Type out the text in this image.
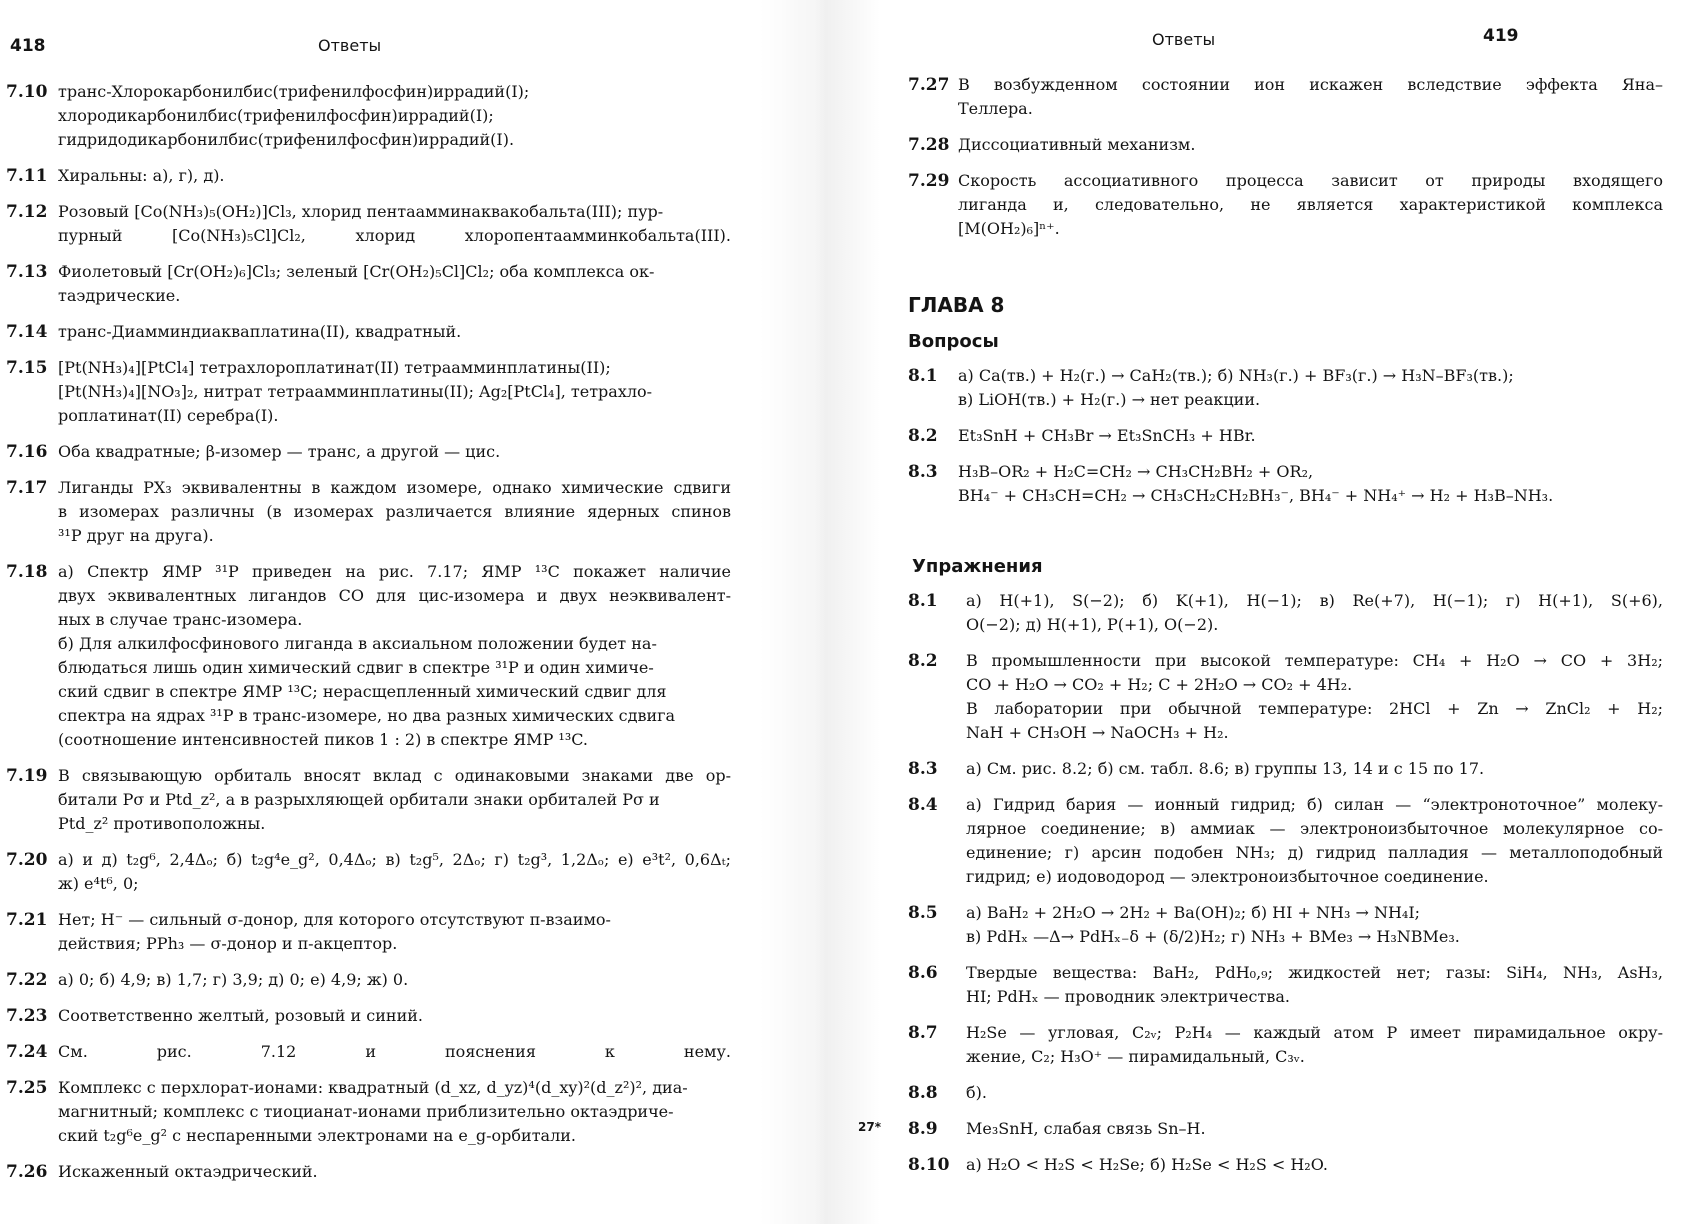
418	Ответы
7.10 транс-Хлорокарбонилбис(трифенилфосфин)иррадий(I);
хлородикарбонилбис(трифенилфосфин)иррадий(I);
гидридодикарбонилбис(трифенилфосфин)иррадий(I).
7.11 Хиральны: а), г), д).
7.12 Розовый [Co(NH₃)₅(OH₂)]Cl₃, хлорид пентаамминаквакобальта(III); пур-
пурный [Co(NH₃)₅Cl]Cl₂, хлорид хлоропентаамминкобальта(III).
7.13 Фиолетовый [Cr(OH₂)₆]Cl₃; зеленый [Cr(OH₂)₅Cl]Cl₂; оба комплекса ок-
таэдрические.
7.14 транс-Диамминдиакваплатина(II), квадратный.
7.15 [Pt(NH₃)₄][PtCl₄] тетрахлороплатинат(II) тетраамминплатины(II);
[Pt(NH₃)₄][NO₃]₂, нитрат тетраамминплатины(II); Ag₂[PtCl₄], тетрахло-
роплатинат(II) серебра(I).
7.16 Оба квадратные; β-изомер — транс, а другой — цис.
7.17 Лиганды PX₃ эквивалентны в каждом изомере, однако химические сдвиги
в изомерах различны (в изомерах различается влияние ядерных спинов
³¹P друг на друга).
7.18 а) Спектр ЯМР ³¹P приведен на рис. 7.17; ЯМР ¹³C покажет наличие
двух эквивалентных лигандов CO для цис-изомера и двух неэквивалент-
ных в случае транс-изомера.
б) Для алкилфосфинового лиганда в аксиальном положении будет на-
блюдаться лишь один химический сдвиг в спектре ³¹P и один химиче-
ский сдвиг в спектре ЯМР ¹³C; нерасщепленный химический сдвиг для
спектра на ядрах ³¹P в транс-изомере, но два разных химических сдвига
(соотношение интенсивностей пиков 1 : 2) в спектре ЯМР ¹³C.
7.19 В связывающую орбиталь вносят вклад с одинаковыми знаками две ор-
битали Pσ и Ptd_z², а в разрыхляющей орбитали знаки орбиталей Pσ и
Ptd_z² противоположны.
7.20 а) и д) t₂g⁶, 2,4Δₒ; б) t₂g⁴e_g², 0,4Δₒ; в) t₂g⁵, 2Δₒ; г) t₂g³, 1,2Δₒ; е) e³t², 0,6Δₜ;
ж) e⁴t⁶, 0;
7.21 Нет; H⁻ — сильный σ-донор, для которого отсутствуют π-взаимо-
действия; PPh₃ — σ-донор и π-акцептор.
7.22 а) 0; б) 4,9; в) 1,7; г) 3,9; д) 0; е) 4,9; ж) 0.
7.23 Соответственно желтый, розовый и синий.
7.24 См. рис. 7.12 и пояснения к нему.
7.25 Комплекс с перхлорат-ионами: квадратный (d_xz, d_yz)⁴(d_xy)²(d_z²)², диа-
магнитный; комплекс с тиоцианат-ионами приблизительно октаэдриче-
ский t₂g⁶e_g² с неспаренными электронами на e_g-орбитали.
7.26 Искаженный октаэдрический.
Ответы	419
7.27 В возбужденном состоянии ион искажен вследствие эффекта Яна–
Теллера.
7.28 Диссоциативный механизм.
7.29 Скорость ассоциативного процесса зависит от природы входящего
лиганда и, следовательно, не является характеристикой комплекса
[M(OH₂)₆]ⁿ⁺.
ГЛАВА 8
Вопросы
8.1	а) Ca(тв.) + H₂(г.) → CaH₂(тв.); б) NH₃(г.) + BF₃(г.) → H₃N–BF₃(тв.);
в) LiOH(тв.) + H₂(г.) → нет реакции.
8.2	Et₃SnH + CH₃Br → Et₃SnCH₃ + HBr.
8.3	H₃B–OR₂ + H₂C=CH₂ → CH₃CH₂BH₂ + OR₂,
BH₄⁻ + CH₃CH=CH₂ → CH₃CH₂CH₂BH₃⁻, BH₄⁻ + NH₄⁺ → H₂ + H₃B–NH₃.
Упражнения
8.1	а) H(+1), S(−2); б) K(+1), H(−1); в) Re(+7), H(−1); г) H(+1), S(+6),
O(−2); д) H(+1), P(+1), O(−2).
8.2	В промышленности при высокой температуре: CH₄ + H₂O → CO + 3H₂;
CO + H₂O → CO₂ + H₂; C + 2H₂O → CO₂ + 4H₂.
В лаборатории при обычной температуре: 2HCl + Zn → ZnCl₂ + H₂;
NaH + CH₃OH → NaOCH₃ + H₂.
8.3	а) См. рис. 8.2; б) см. табл. 8.6; в) группы 13, 14 и с 15 по 17.
8.4	а) Гидрид бария — ионный гидрид; б) силан — “электроноточное” молеку-
лярное соединение; в) аммиак — электроноизбыточное молекулярное со-
единение; г) арсин подобен NH₃; д) гидрид палладия — металлоподобный
гидрид; е) иодоводород — электроноизбыточное соединение.
8.5	а) BaH₂ + 2H₂O → 2H₂ + Ba(OH)₂; б) HI + NH₃ → NH₄I;
в) PdHₓ —Δ→ PdHₓ₋δ + (δ/2)H₂; г) NH₃ + BMe₃ → H₃NBMe₃.
8.6	Твердые вещества: BaH₂, PdH₀,₉; жидкостей нет; газы: SiH₄, NH₃, AsH₃,
HI; PdHₓ — проводник электричества.
8.7	H₂Se — угловая, C₂ᵥ; P₂H₄ — каждый атом P имеет пирамидальное окру-
жение, C₂; H₃O⁺ — пирамидальный, C₃ᵥ.
8.8	б).
8.9	Me₃SnH, слабая связь Sn–H.
8.10	а) H₂O < H₂S < H₂Se; б) H₂Se < H₂S < H₂O.
27*
